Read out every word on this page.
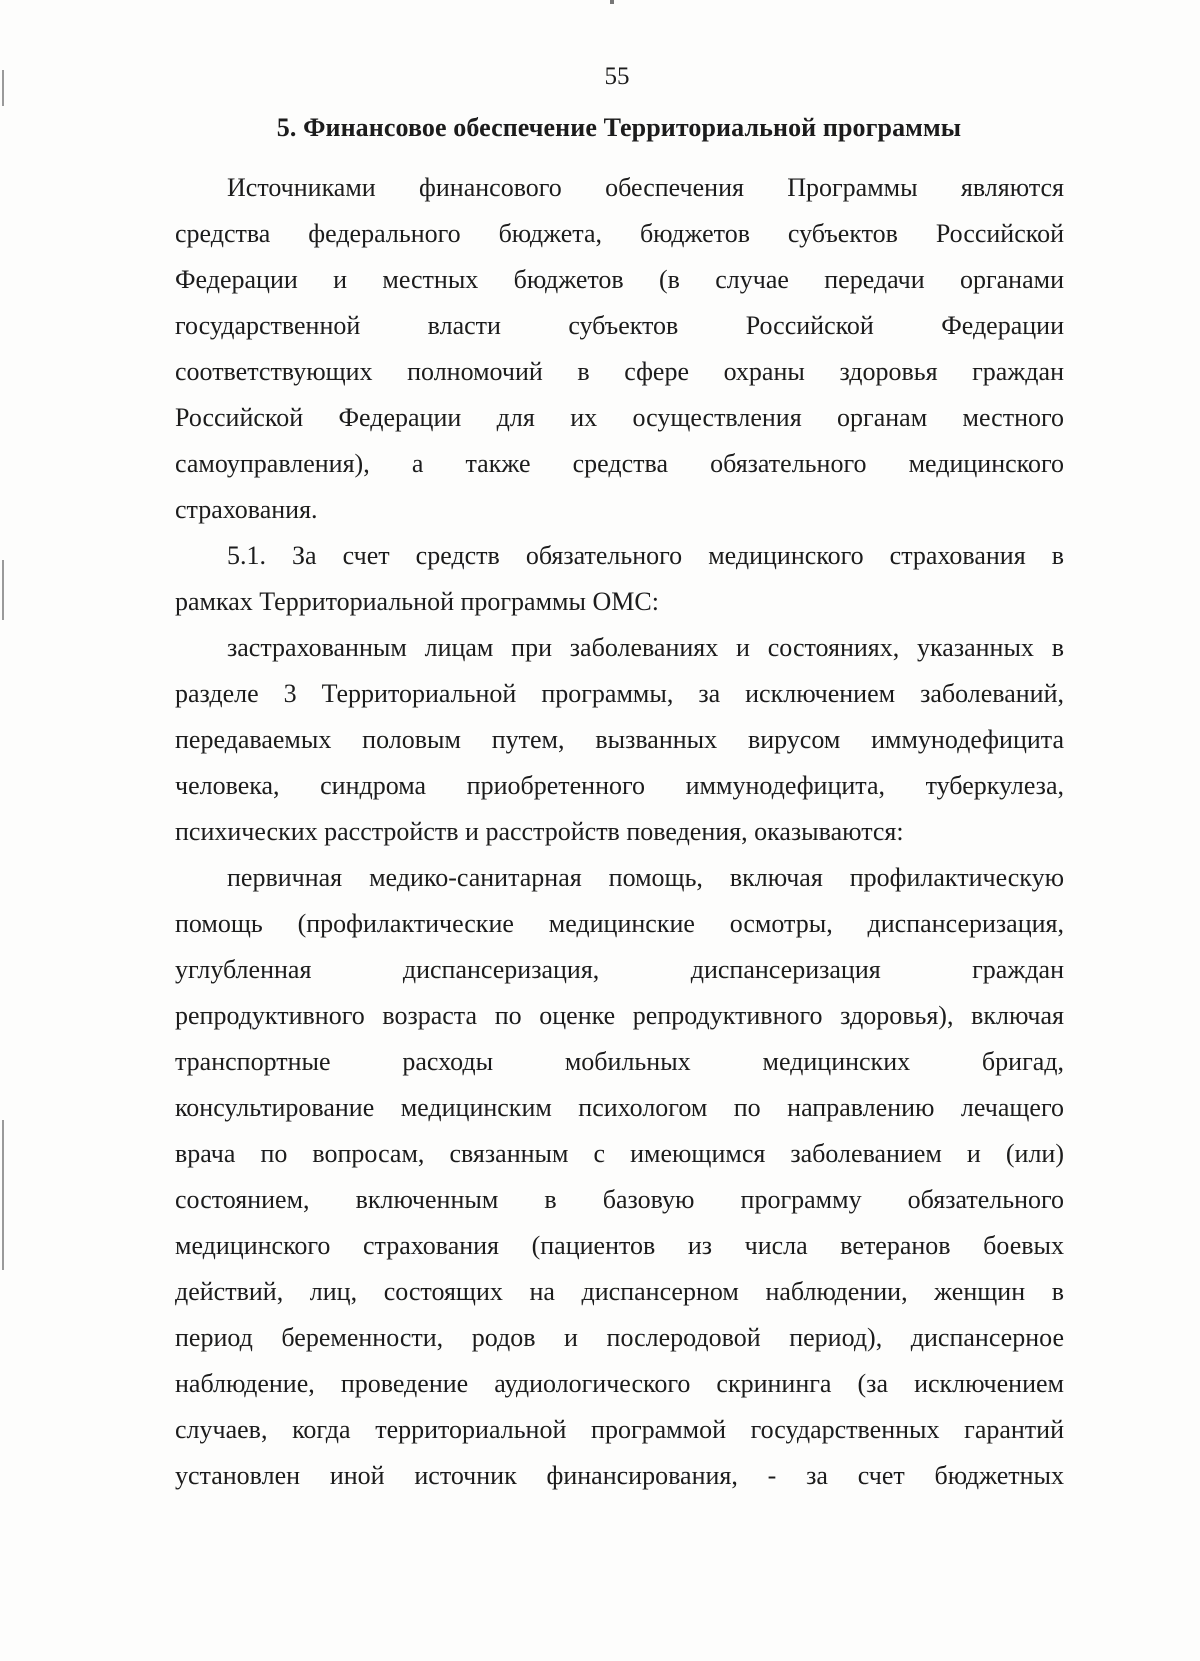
55
5. Финансовое обеспечение Территориальной программы
Источниками финансового обеспечения Программы являются
средства федерального бюджета, бюджетов субъектов Российской
Федерации и местных бюджетов (в случае передачи органами
государственной власти субъектов Российской Федерации
соответствующих полномочий в сфере охраны здоровья граждан
Российской Федерации для их осуществления органам местного
самоуправления), а также средства обязательного медицинского
страхования.
5.1. За счет средств обязательного медицинского страхования в
рамках Территориальной программы ОМС:
застрахованным лицам при заболеваниях и состояниях, указанных в
разделе 3 Территориальной программы, за исключением заболеваний,
передаваемых половым путем, вызванных вирусом иммунодефицита
человека, синдрома приобретенного иммунодефицита, туберкулеза,
психических расстройств и расстройств поведения, оказываются:
первичная медико-санитарная помощь, включая профилактическую
помощь (профилактические медицинские осмотры, диспансеризация,
углубленная диспансеризация, диспансеризация граждан
репродуктивного возраста по оценке репродуктивного здоровья), включая
транспортные расходы мобильных медицинских бригад,
консультирование медицинским психологом по направлению лечащего
врача по вопросам, связанным с имеющимся заболеванием и (или)
состоянием, включенным в базовую программу обязательного
медицинского страхования (пациентов из числа ветеранов боевых
действий, лиц, состоящих на диспансерном наблюдении, женщин в
период беременности, родов и послеродовой период), диспансерное
наблюдение, проведение аудиологического скрининга (за исключением
случаев, когда территориальной программой государственных гарантий
установлен иной источник финансирования, - за счет бюджетных
